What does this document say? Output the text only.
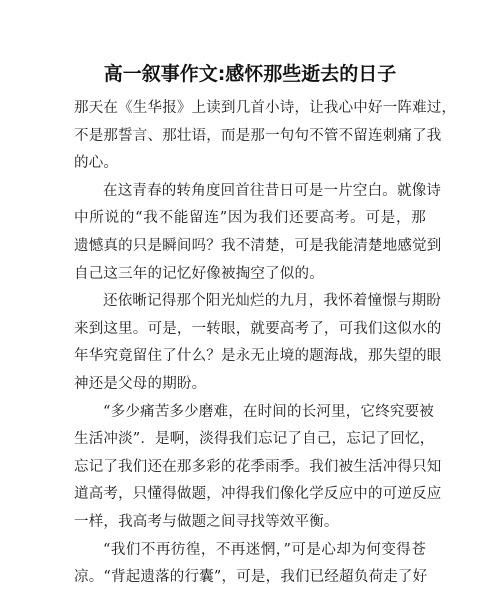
高一叙事作文:感怀那些逝去的日子

那天在《生华报》上读到几首小诗，让我心中好一阵难过，
不是那誓言、那壮语，而是那一句句不管不留连刺痛了我
的心。

在这青春的转角度回首往昔日可是一片空白。就像诗
中所说的“我不能留连”因为我们还要高考。可是，那
遗憾真的只是瞬间吗？我不清楚，可是我能清楚地感觉到
自己这三年的记忆好像被掏空了似的。

还依晰记得那个阳光灿烂的九月，我怀着憧憬与期盼
来到这里。可是，一转眼，就要高考了，可我们这似水的
年华究竟留住了什么？是永无止境的题海战，那失望的眼
神还是父母的期盼。

“多少痛苦多少磨难，在时间的长河里，它终究要被
生活冲淡”．是啊，淡得我们忘记了自己，忘记了回忆，
忘记了我们还在那多彩的花季雨季。我们被生活冲得只知
道高考，只懂得做题，冲得我们像化学反应中的可逆反应
一样，我高考与做题之间寻找等效平衡。

“我们不再彷徨，不再迷惘，”可是心却为何变得苍
凉。“背起遗落的行囊”，可是，我们已经超负荷走了好
